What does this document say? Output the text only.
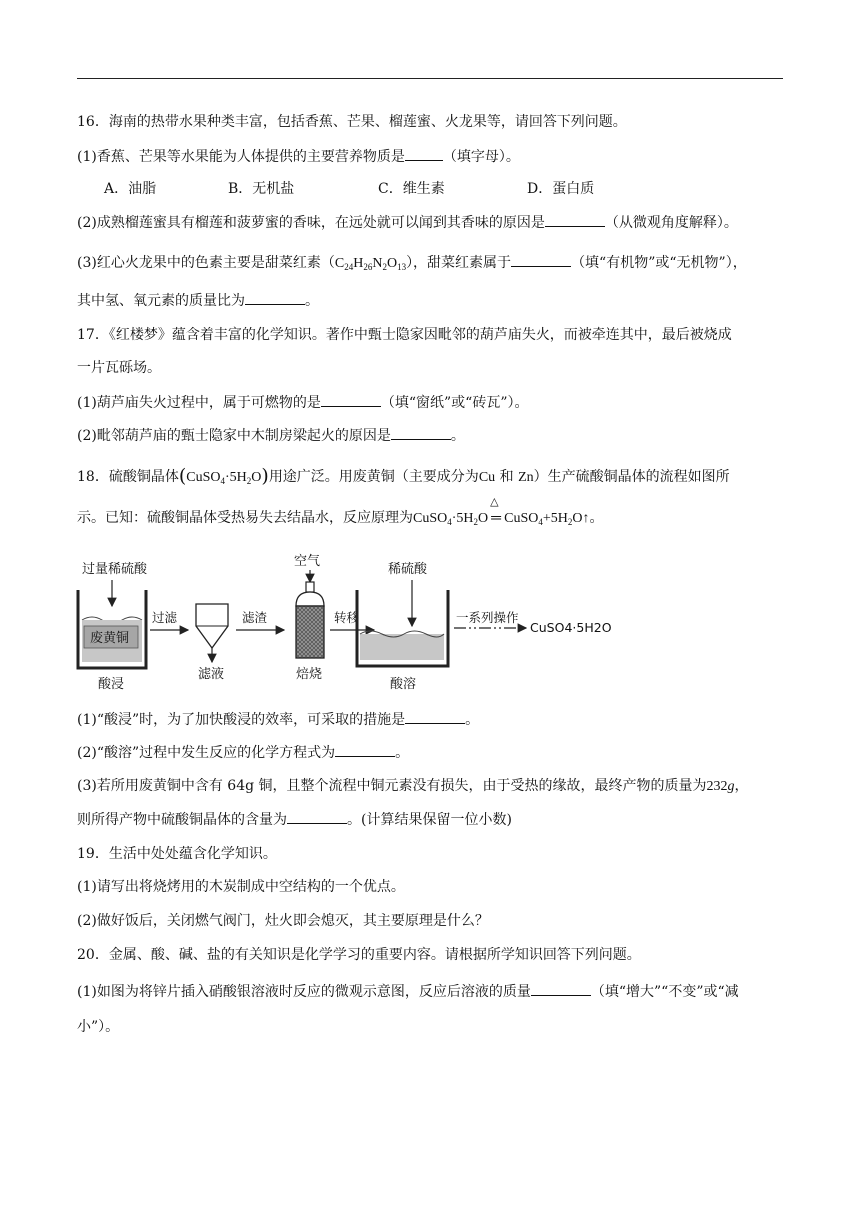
16．海南的热带水果种类丰富，包括香蕉、芒果、榴莲蜜、火龙果等，请回答下列问题。
(1)香蕉、芒果等水果能为人体提供的主要营养物质是	（填字母）。
A．油脂	B．无机盐	C．维生素	D．蛋白质
(2)成熟榴莲蜜具有榴莲和菠萝蜜的香味，在远处就可以闻到其香味的原因是	（从微观角度解释）。
(3)红心火龙果中的色素主要是甜菜红素$(C_{24}H_{26}N_2O_{13})$，甜菜红素属于	（填“有机物”或“无机物”），
其中氢、氧元素的质量比为	。
17．《红楼梦》蕴含着丰富的化学知识。著作中甄士隐家因毗邻的葫芦庙失火，而被牵连其中，最后被烧成
一片瓦砾场。
(1)葫芦庙失火过程中，属于可燃物的是	（填“窗纸”或“砖瓦”）。
(2)毗邻葫芦庙的甄士隐家中木制房梁起火的原因是	。
18．硫酸铜晶体$(CuSO_4\cdot 5H_2O)$用途广泛。用废黄铜（主要成分为Cu 和 Zn）生产硫酸铜晶体的流程如图所
示。已知：硫酸铜晶体受热易失去结晶水，反应原理为$CuSO_4\cdot 5H_2O$
△
═ $CuSO_4+5H_2O↑$。
过量稀硫酸
废黄铜
酸浸
过滤
滤液
滤渣
空气
焙烧
转移
稀硫酸
酸溶
一系列操作
CuSO4·5H2O
(1)“酸浸”时，为了加快酸浸的效率，可采取的措施是	。
(2)“酸溶”过程中发生反应的化学方程式为	。
(3)若所用废黄铜中含有 64g 铜，且整个流程中铜元素没有损失，由于受热的缘故，最终产物的质量为232g，
则所得产物中硫酸铜晶体的含量为	。(计算结果保留一位小数)
19．生活中处处蕴含化学知识。
(1)请写出将烧烤用的木炭制成中空结构的一个优点。
(2)做好饭后，关闭燃气阀门，灶火即会熄灭，其主要原理是什么？
20．金属、酸、碱、盐的有关知识是化学学习的重要内容。请根据所学知识回答下列问题。
(1)如图为将锌片插入硝酸银溶液时反应的微观示意图，反应后溶液的质量	（填“增大”“不变”或“减
小”）。
